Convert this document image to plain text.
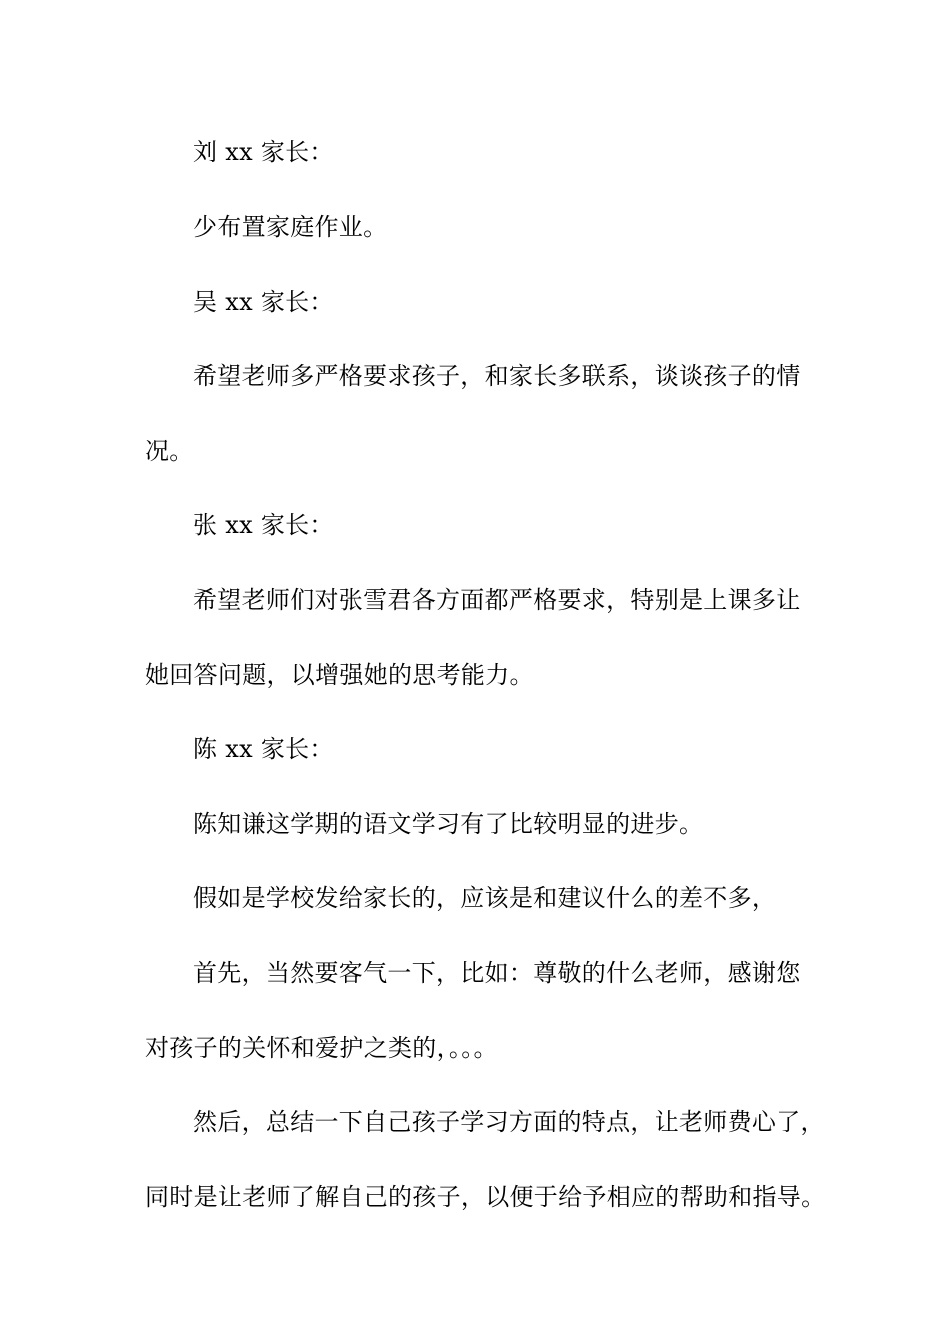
刘 xx 家长：
少布置家庭作业。
吴 xx 家长：
希望老师多严格要求孩子，和家长多联系，谈谈孩子的情
况。
张 xx 家长：
希望老师们对张雪君各方面都严格要求，特别是上课多让
她回答问题，以增强她的思考能力。
陈 xx 家长：
陈知谦这学期的语文学习有了比较明显的进步。
假如是学校发给家长的，应该是和建议什么的差不多，
首先，当然要客气一下，比如：尊敬的什么老师，感谢您
对孩子的关怀和爱护之类的，。。。
然后，总结一下自己孩子学习方面的特点，让老师费心了，
同时是让老师了解自己的孩子，以便于给予相应的帮助和指导。
